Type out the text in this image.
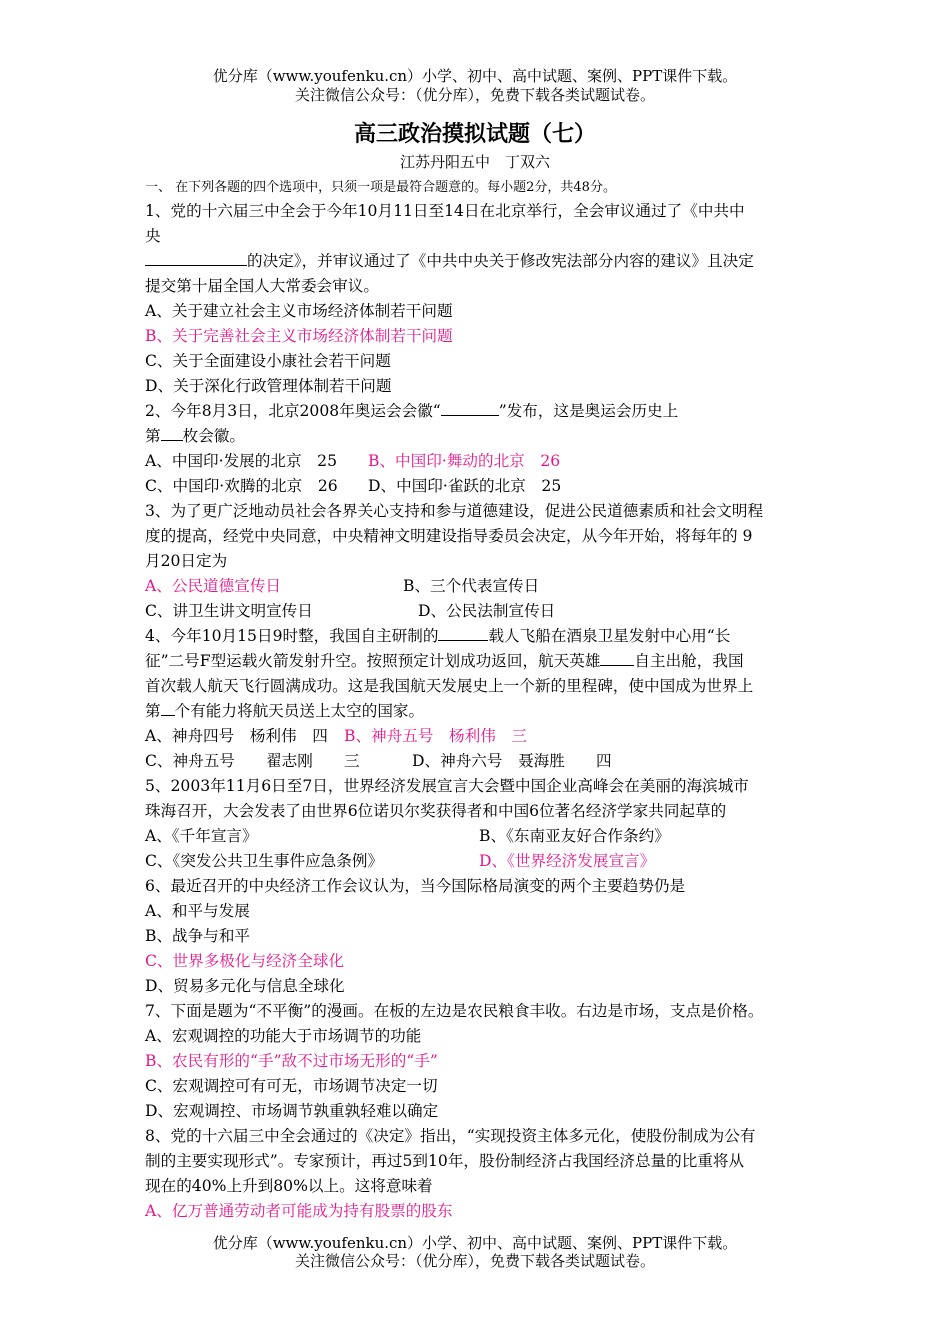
优分库（www.youfenku.cn）小学、初中、高中试题、案例、PPT课件下载。
关注微信公众号：（优分库），免费下载各类试题试卷。
高三政治摸拟试题（七）
江苏丹阳五中　丁双六
一、 在下列各题的四个选项中，只须一项是最符合题意的。每小题2分，共48分。
1、党的十六届三中全会于今年10月11日至14日在北京举行，全会审议通过了《中共中
央
的决定》，并审议通过了《中共中央关于修改宪法部分内容的建议》且决定
提交第十届全国人大常委会审议。
A、关于建立社会主义市场经济体制若干问题
B、关于完善社会主义市场经济体制若干问题
C、关于全面建设小康社会若干问题
D、关于深化行政管理体制若干问题
2、今年8月3日，北京2008年奥运会会徽“	”发布，这是奥运会历史上
第 枚会徽。
A、中国印·发展的北京　25 B、中国印·舞动的北京　26
C、中国印·欢腾的北京　26 D、中国印·雀跃的北京　25
3、为了更广泛地动员社会各界关心支持和参与道德建设，促进公民道德素质和社会文明程
度的提高，经党中央同意，中央精神文明建设指导委员会决定，从今年开始，将每年的 9
月20日定为
A、公民道德宣传日	B、三个代表宣传日
C、讲卫生讲文明宣传日	D、公民法制宣传日
4、今年10月15日9时整，我国自主研制的	载人飞船在酒泉卫星发射中心用“长
征”二号F型运载火箭发射升空。按照预定计划成功返回，航天英雄 自主出舱，我国
首次载人航天飞行圆满成功。这是我国航天发展史上一个新的里程碑，使中国成为世界上
第 个有能力将航天员送上太空的国家。
A、神舟四号　杨利伟　四 B、神舟五号　杨利伟　三
C、神舟五号　　翟志刚　　三	D、神舟六号　聂海胜　　四
5、2003年11月6日至7日，世界经济发展宣言大会暨中国企业高峰会在美丽的海滨城市
珠海召开，大会发表了由世界6位诺贝尔奖获得者和中国6位著名经济学家共同起草的
A、《千年宣言》	B、《东南亚友好合作条约》
C、《突发公共卫生事件应急条例》	D、《世界经济发展宣言》
6、最近召开的中央经济工作会议认为，当今国际格局演变的两个主要趋势仍是
A、和平与发展
B、战争与和平
C、世界多极化与经济全球化
D、贸易多元化与信息全球化
7、下面是题为“不平衡”的漫画。在板的左边是农民粮食丰收。右边是市场，支点是价格。
A、宏观调控的功能大于市场调节的功能
B、农民有形的“手”敌不过市场无形的“手”
C、宏观调控可有可无，市场调节决定一切
D、宏观调控、市场调节孰重孰轻难以确定
8、党的十六届三中全会通过的《决定》指出，“实现投资主体多元化，使股份制成为公有
制的主要实现形式”。专家预计，再过5到10年，股份制经济占我国经济总量的比重将从
现在的40%上升到80%以上。这将意味着
A、亿万普通劳动者可能成为持有股票的股东
优分库（www.youfenku.cn）小学、初中、高中试题、案例、PPT课件下载。
关注微信公众号：（优分库），免费下载各类试题试卷。
